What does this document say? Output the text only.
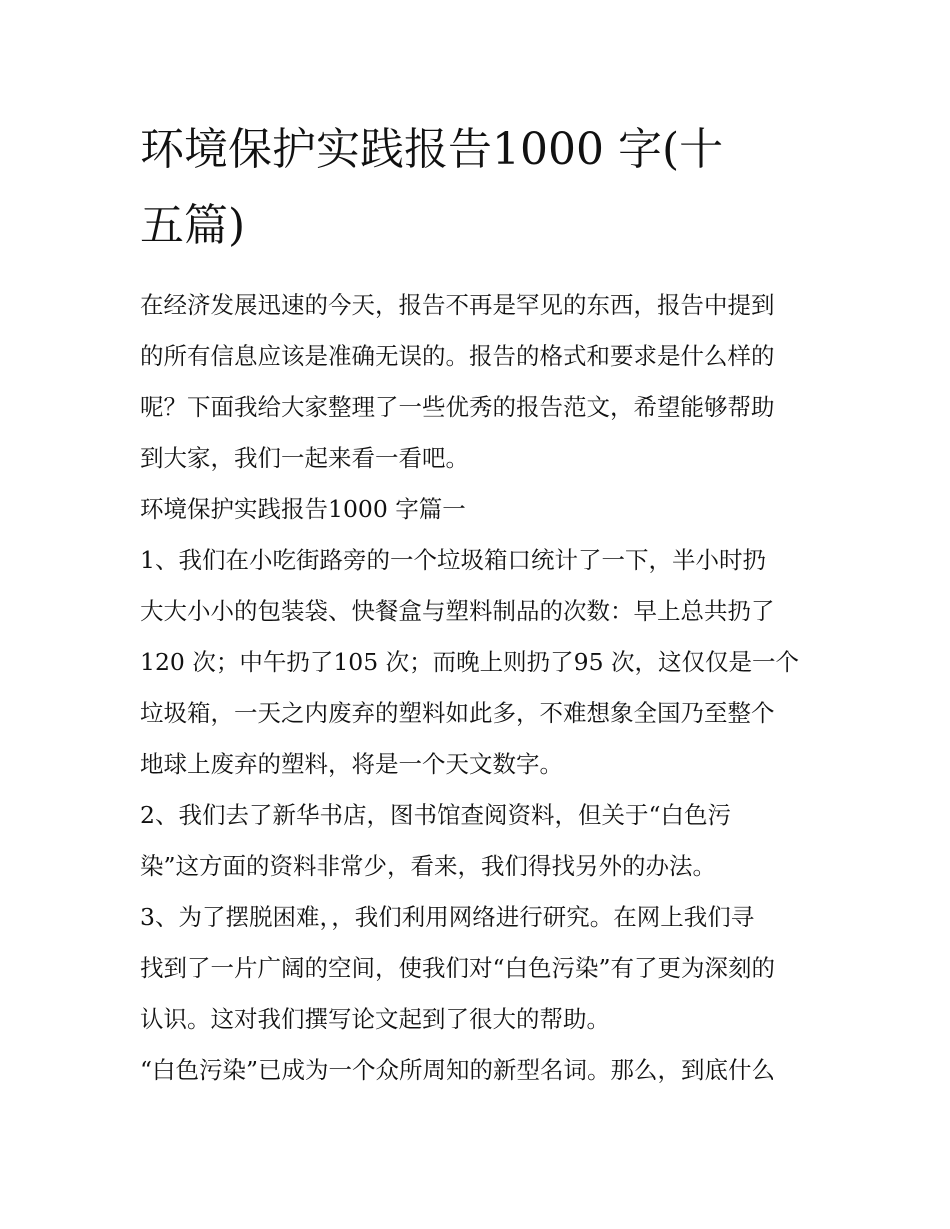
环境保护实践报告1000 字(十
五篇)

在经济发展迅速的今天，报告不再是罕见的东西，报告中提到

的所有信息应该是准确无误的。报告的格式和要求是什么样的

呢？下面我给大家整理了一些优秀的报告范文，希望能够帮助

到大家，我们一起来看一看吧。

环境保护实践报告1000 字篇一

1、我们在小吃街路旁的一个垃圾箱口统计了一下，半小时扔

大大小小的包装袋、快餐盒与塑料制品的次数：早上总共扔了

120 次；中午扔了105 次；而晚上则扔了95 次，这仅仅是一个

垃圾箱，一天之内废弃的塑料如此多，不难想象全国乃至整个

地球上废弃的塑料，将是一个天文数字。

2、我们去了新华书店，图书馆查阅资料，但关于“白色污

染”这方面的资料非常少，看来，我们得找另外的办法。

3、为了摆脱困难，，我们利用网络进行研究。在网上我们寻

找到了一片广阔的空间，使我们对“白色污染”有了更为深刻的

认识。这对我们撰写论文起到了很大的帮助。

“白色污染”已成为一个众所周知的新型名词。那么，到底什么
